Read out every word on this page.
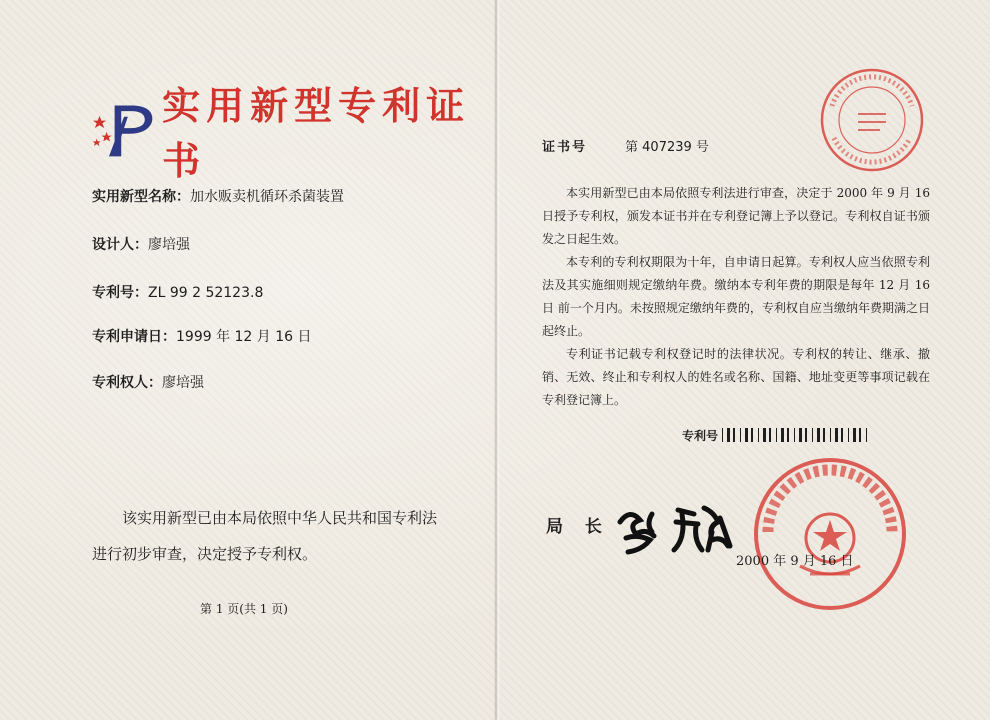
实用新型专利证书
实用新型名称：加水贩卖机循环杀菌装置
设计人：廖培强
专利号：ZL 99 2 52123.8
专利申请日：1999 年 12 月 16 日
专利权人：廖培强
该实用新型已由本局依照中华人民共和国专利法
进行初步审查，决定授予专利权。
第 1 页(共 1 页)
证书号	第 407239 号

本实用新型已由本局依照专利法进行审查，决定于 2000 年 9 月 16 日授予专利权，颁发本证书并在专利登记簿上予以登记。专利权自证书颁发之日起生效。

本专利的专利权期限为十年，自申请日起算。专利权人应当依照专利法及其实施细则规定缴纳年费。缴纳本专利年费的期限是每年 12 月 16 日 前一个月内。未按照规定缴纳年费的，专利权自应当缴纳年费期满之日起终止。

专利证书记载专利权登记时的法律状况。专利权的转让、继承、撤销、无效、终止和专利权人的姓名或名称、国籍、地址变更等事项记载在专利登记簿上。

专利号
局 长
2000 年 9 月 16 日
